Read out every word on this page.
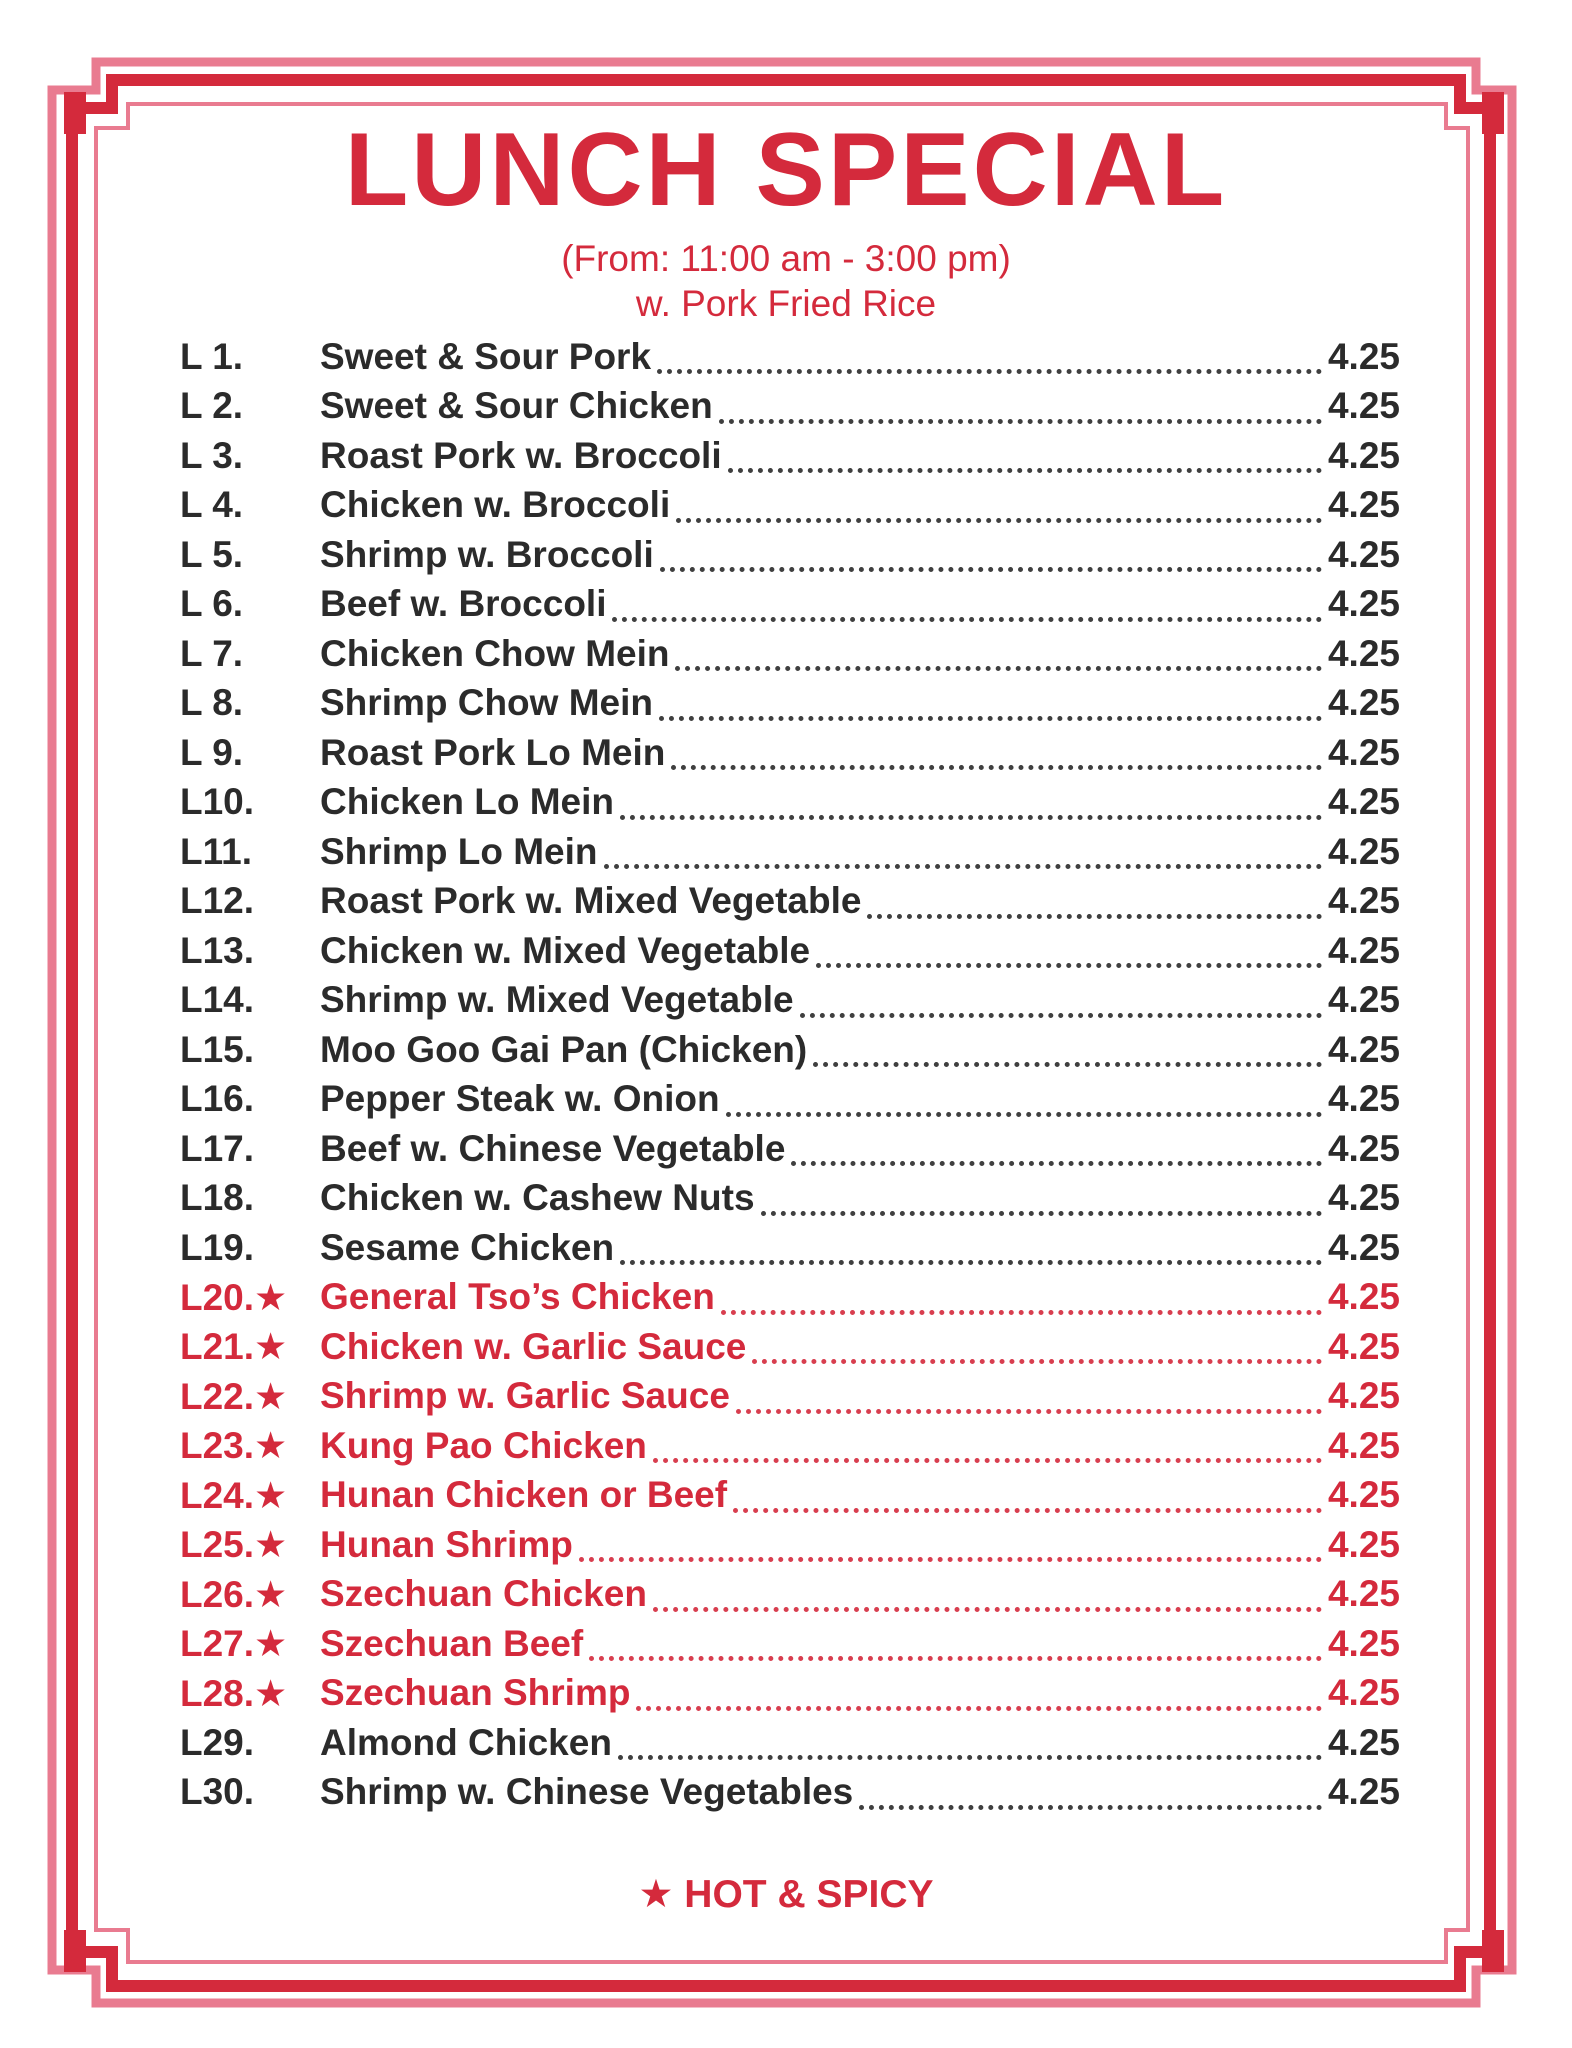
LUNCH SPECIAL
(From: 11:00 am - 3:00 pm)
w. Pork Fried Rice
L 1.	Sweet & Sour Pork	4.25
L 2.	Sweet & Sour Chicken	4.25
L 3.	Roast Pork w. Broccoli	4.25
L 4.	Chicken w. Broccoli	4.25
L 5.	Shrimp w. Broccoli	4.25
L 6.	Beef w. Broccoli	4.25
L 7.	Chicken Chow Mein	4.25
L 8.	Shrimp Chow Mein	4.25
L 9.	Roast Pork Lo Mein	4.25
L10.	Chicken Lo Mein	4.25
L11.	Shrimp Lo Mein	4.25
L12.	Roast Pork w. Mixed Vegetable	4.25
L13.	Chicken w. Mixed Vegetable	4.25
L14.	Shrimp w. Mixed Vegetable	4.25
L15.	Moo Goo Gai Pan (Chicken)	4.25
L16.	Pepper Steak w. Onion	4.25
L17.	Beef w. Chinese Vegetable	4.25
L18.	Chicken w. Cashew Nuts	4.25
L19.	Sesame Chicken	4.25
L20.★ General Tso’s Chicken	4.25
L21.★ Chicken w. Garlic Sauce	4.25
L22.★ Shrimp w. Garlic Sauce	4.25
L23.★ Kung Pao Chicken	4.25
L24.★ Hunan Chicken or Beef	4.25
L25.★ Hunan Shrimp	4.25
L26.★ Szechuan Chicken	4.25
L27.★ Szechuan Beef	4.25
L28.★ Szechuan Shrimp	4.25
L29.	Almond Chicken	4.25
L30.	Shrimp w. Chinese Vegetables	4.25
★ HOT & SPICY
